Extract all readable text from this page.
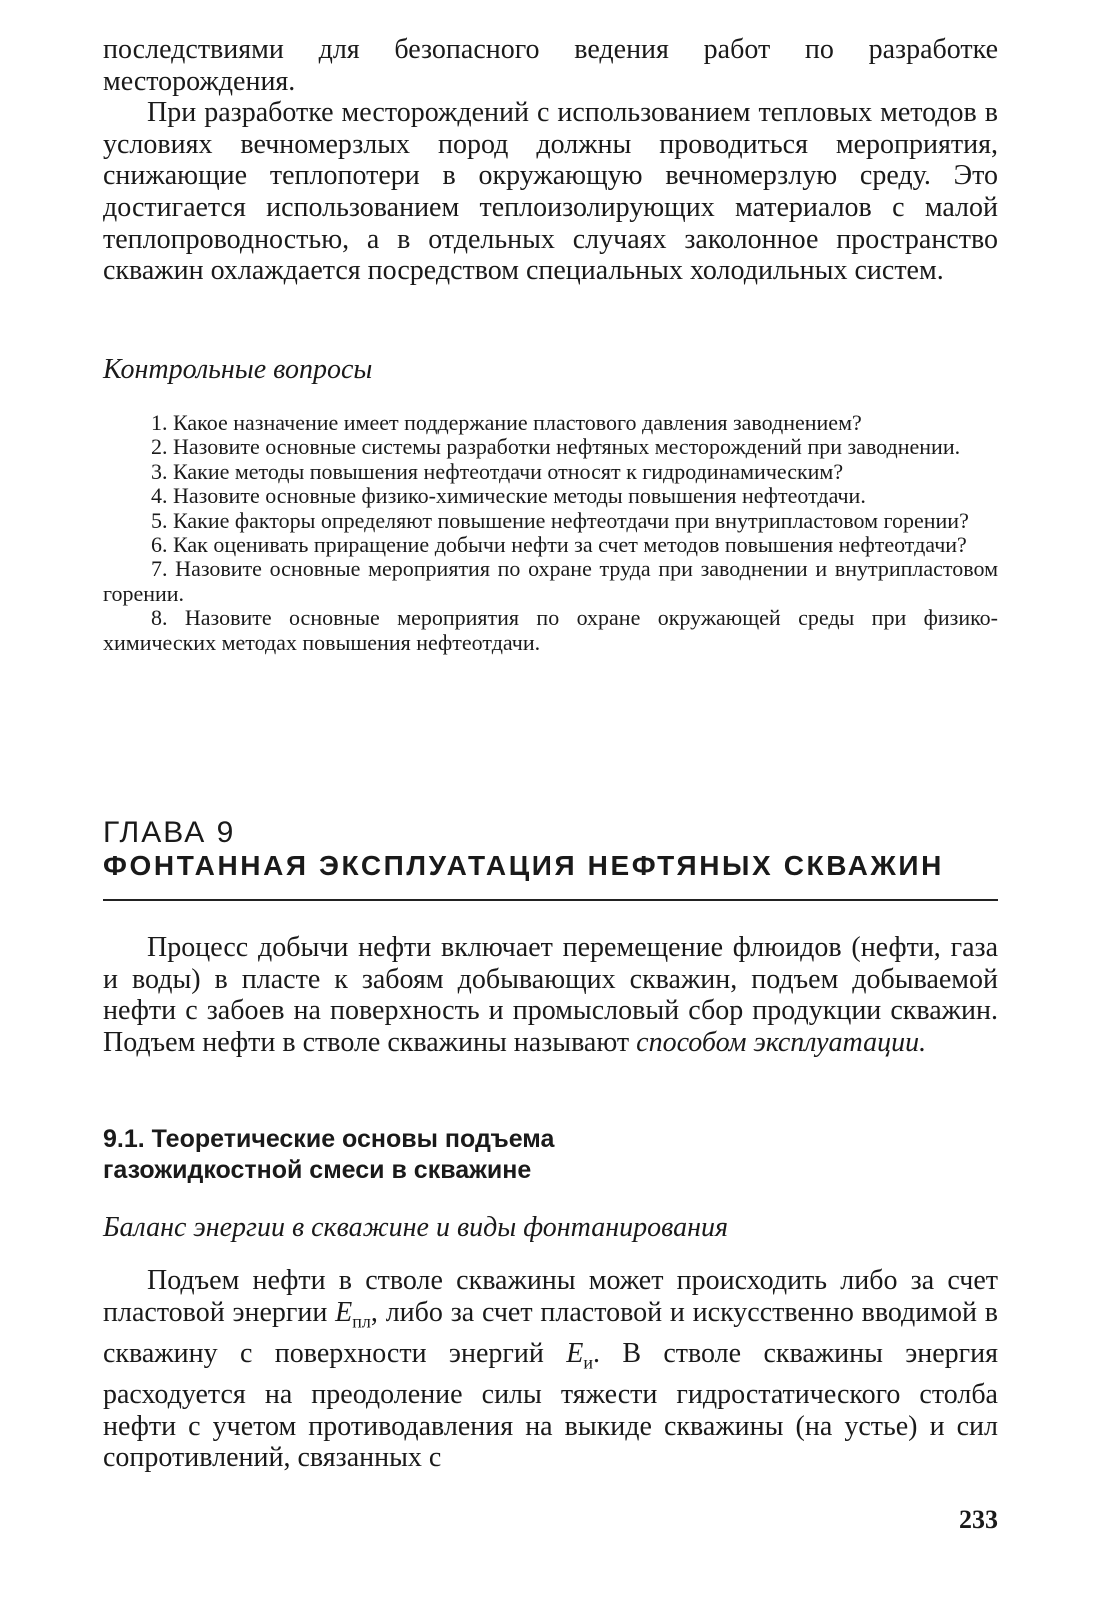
последствиями для безопасного ведения работ по разработке месторождения.

При разработке месторождений с использованием тепловых методов в условиях вечномерзлых пород должны проводиться мероприятия, снижающие теплопотери в окружающую вечномерзлую среду. Это достигается использованием теплоизолирующих материалов с малой теплопроводностью, а в отдельных случаях заколонное пространство скважин охлаждается посредством специальных холодильных систем.

Контрольные вопросы

1. Какое назначение имеет поддержание пластового давления заводнением?
2. Назовите основные системы разработки нефтяных месторождений при заводнении.
3. Какие методы повышения нефтеотдачи относят к гидродинамическим?
4. Назовите основные физико-химические методы повышения нефтеотдачи.
5. Какие факторы определяют повышение нефтеотдачи при внутрипластовом горении?
6. Как оценивать приращение добычи нефти за счет методов повышения нефтеотдачи?
7. Назовите основные мероприятия по охране труда при заводнении и внутрипластовом горении.
8. Назовите основные мероприятия по охране окружающей среды при физико-химических методах повышения нефтеотдачи.

ГЛАВА 9

ФОНТАННАЯ ЭКСПЛУАТАЦИЯ НЕФТЯНЫХ СКВАЖИН

Процесс добычи нефти включает перемещение флюидов (нефти, газа и воды) в пласте к забоям добывающих скважин, подъем добываемой нефти с забоев на поверхность и промысловый сбор продукции скважин. Подъем нефти в стволе скважины называют способом эксплуатации.

9.1. Теоретические основы подъема

газожидкостной смеси в скважине

Баланс энергии в скважине и виды фонтанирования

Подъем нефти в стволе скважины может происходить либо за счет пластовой энергии $E_{пл}$, либо за счет пластовой и искусственно вводимой в скважину с поверхности энергий $E_и$. В стволе скважины энергия расходуется на преодоление силы тяжести гидростатического столба нефти с учетом противодавления на выкиде скважины (на устье) и сил сопротивлений, связанных с

233
